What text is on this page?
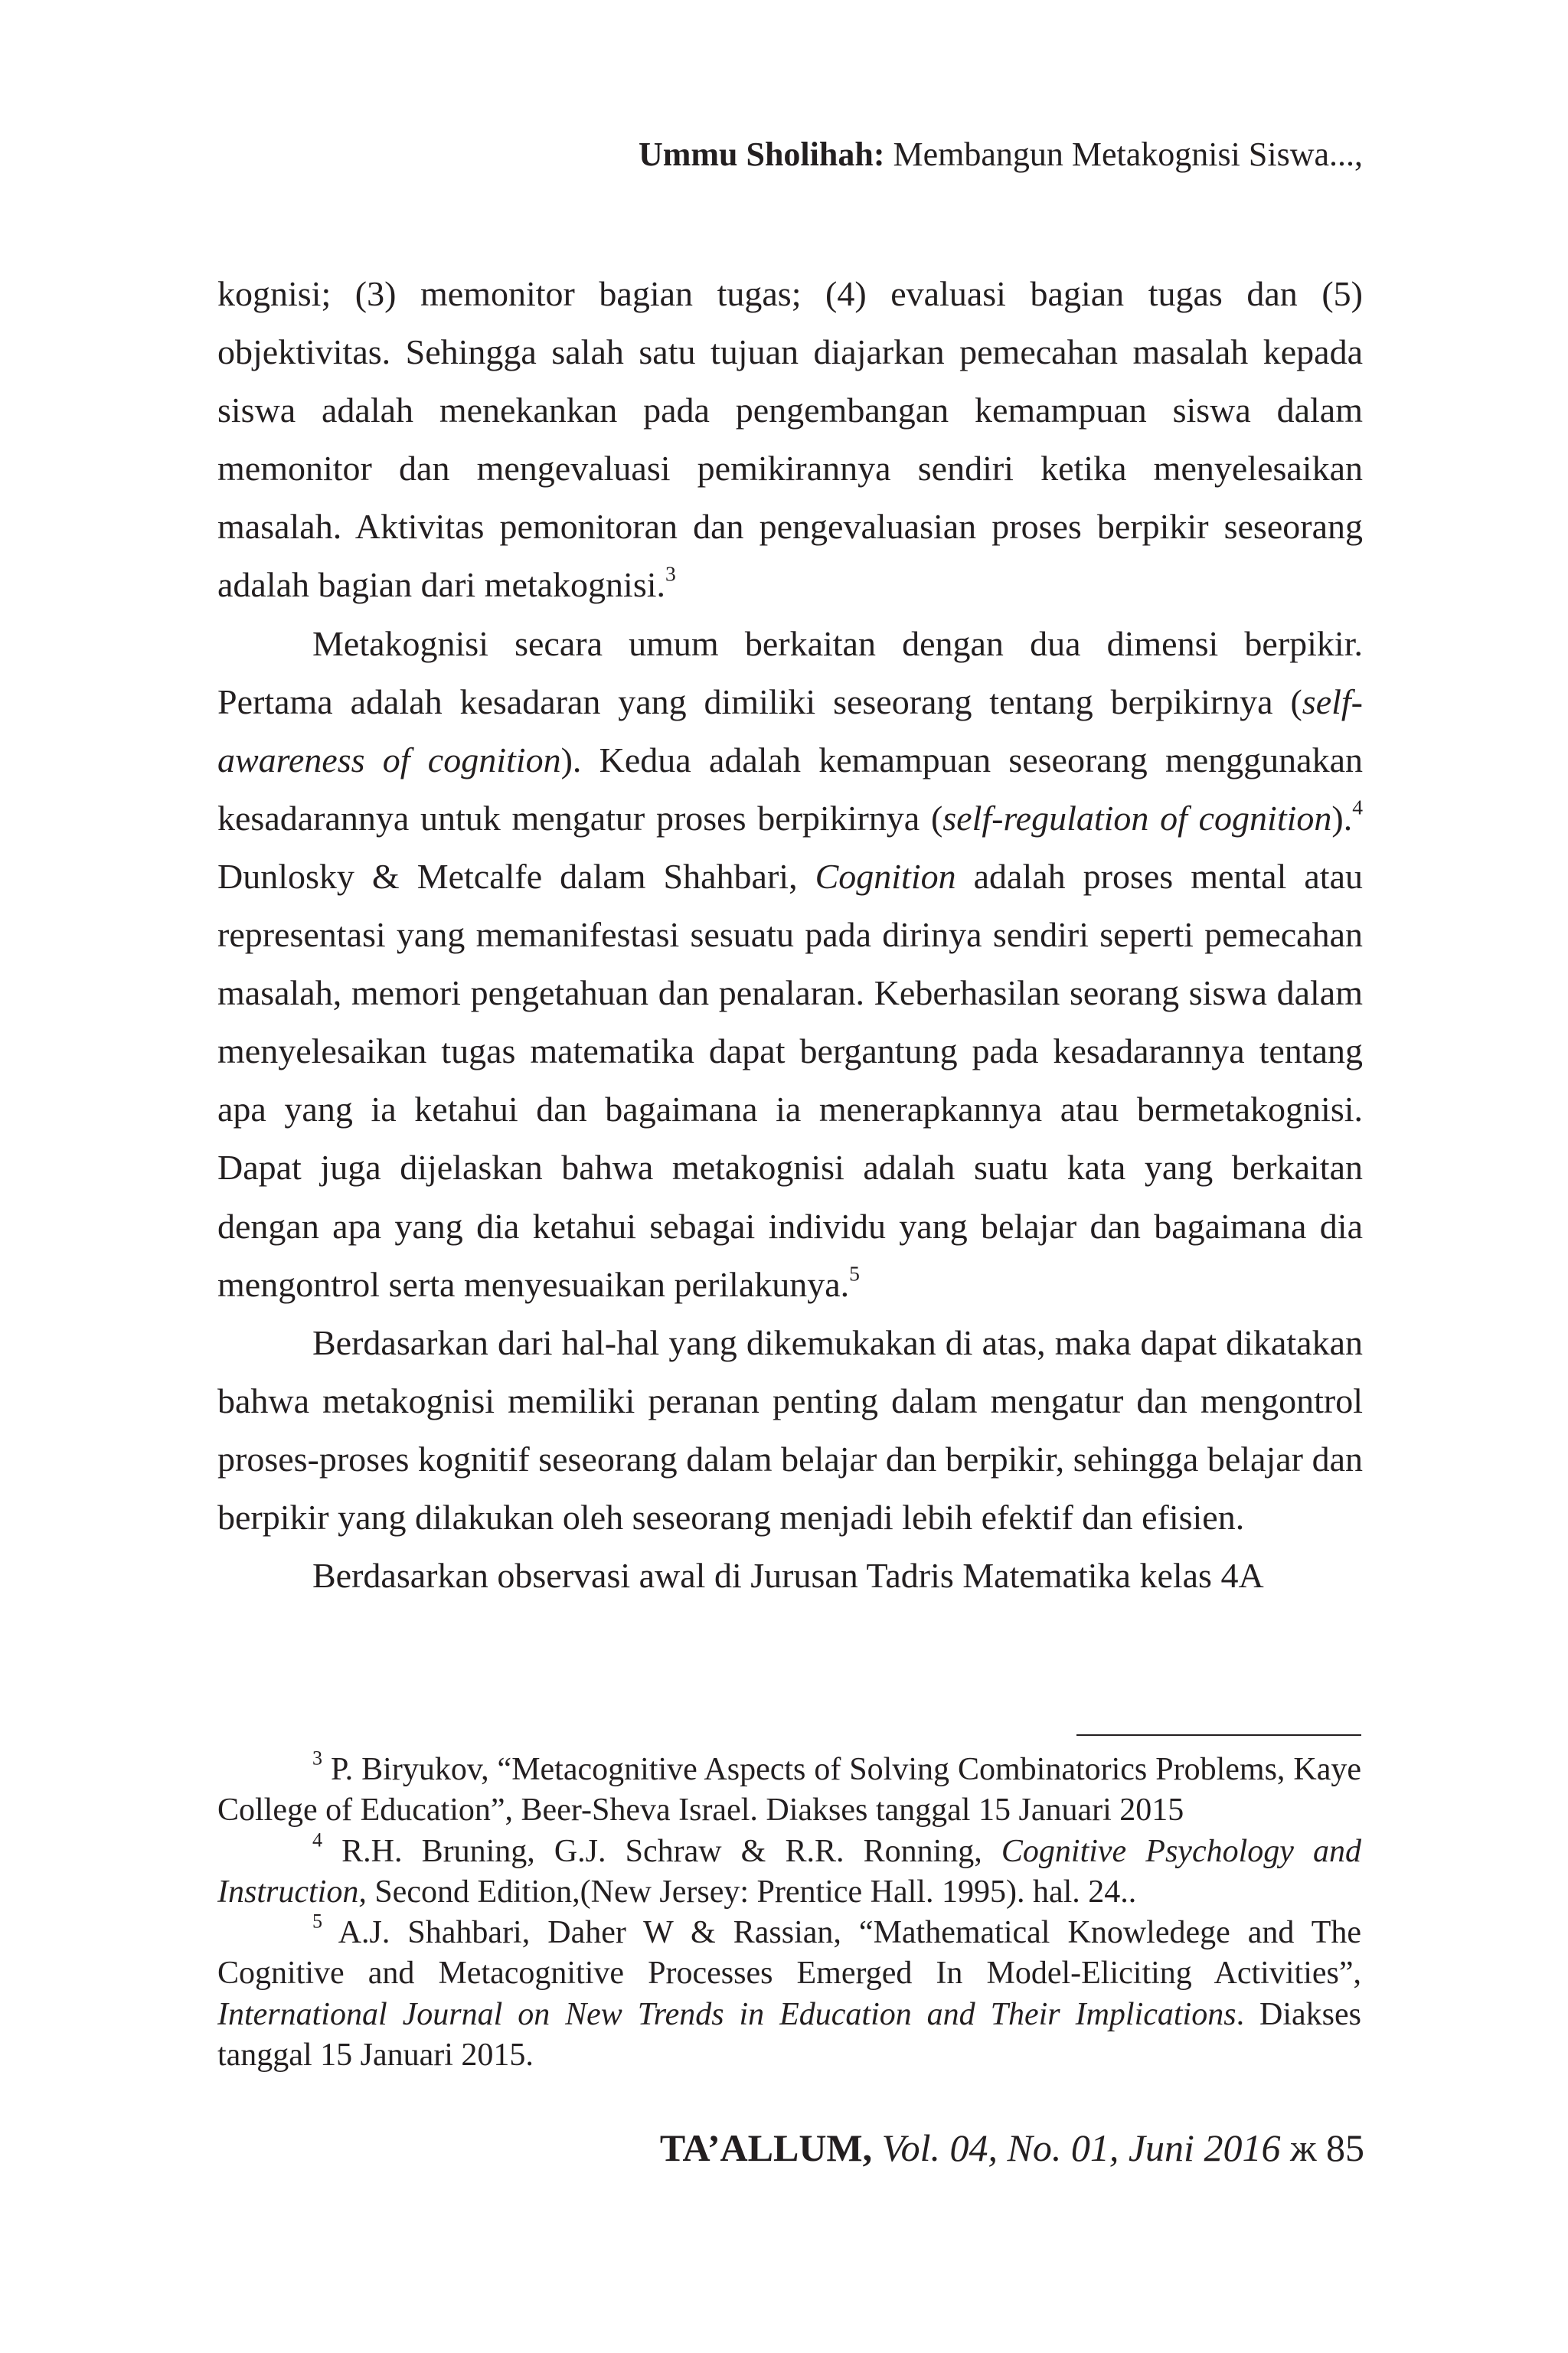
Ummu Sholihah: Membangun Metakognisi Siswa...,

kognisi; (3) memonitor bagian tugas; (4) evaluasi bagian tugas dan (5) objektivitas. Sehingga salah satu tujuan diajarkan pemecahan masalah kepada siswa adalah menekankan pada pengembangan kemampuan siswa dalam memonitor dan mengevaluasi pemikirannya sendiri ketika menyelesaikan masalah. Aktivitas pemonitoran dan pengevaluasian proses berpikir seseorang adalah bagian dari metakognisi.$^3$

Metakognisi secara umum berkaitan dengan dua dimensi berpikir. Pertama adalah kesadaran yang dimiliki seseorang tentang berpikirnya (self-awareness of cognition). Kedua adalah kemampuan seseorang menggunakan kesadarannya untuk mengatur proses berpikirnya (self-regulation of cognition).$^4$ Dunlosky & Metcalfe dalam Shahbari, Cognition adalah proses mental atau representasi yang memanifestasi sesuatu pada dirinya sendiri seperti pemecahan masalah, memori pengetahuan dan penalaran. Keberhasilan seorang siswa dalam menyelesaikan tugas matematika dapat bergantung pada kesadarannya tentang apa yang ia ketahui dan bagaimana ia menerapkannya atau bermetakognisi. Dapat juga dijelaskan bahwa metakognisi adalah suatu kata yang berkaitan dengan apa yang dia ketahui sebagai individu yang belajar dan bagaimana dia mengontrol serta menyesuaikan perilakunya.$^5$

Berdasarkan dari hal-hal yang dikemukakan di atas, maka dapat dikatakan bahwa metakognisi memiliki peranan penting dalam mengatur dan mengontrol proses-proses kognitif seseorang dalam belajar dan berpikir, sehingga belajar dan berpikir yang dilakukan oleh seseorang menjadi lebih efektif dan efisien.

Berdasarkan observasi awal di Jurusan Tadris Matematika kelas 4A

$^3$ P. Biryukov, “Metacognitive Aspects of Solving Combinatorics Problems, Kaye College of Education”, Beer-Sheva Israel. Diakses tanggal 15 Januari 2015

$^4$ R.H. Bruning, G.J. Schraw & R.R. Ronning, Cognitive Psychology and Instruction, Second Edition,(New Jersey: Prentice Hall. 1995). hal. 24..

$^5$ A.J. Shahbari, Daher W & Rassian, “Mathematical Knowledege and The Cognitive and Metacognitive Processes Emerged In Model-Eliciting Activities”, International Journal on New Trends in Education and Their Implications. Diakses tanggal 15 Januari 2015.

TA’ALLUM, Vol. 04, No. 01, Juni 2016 ж 85
